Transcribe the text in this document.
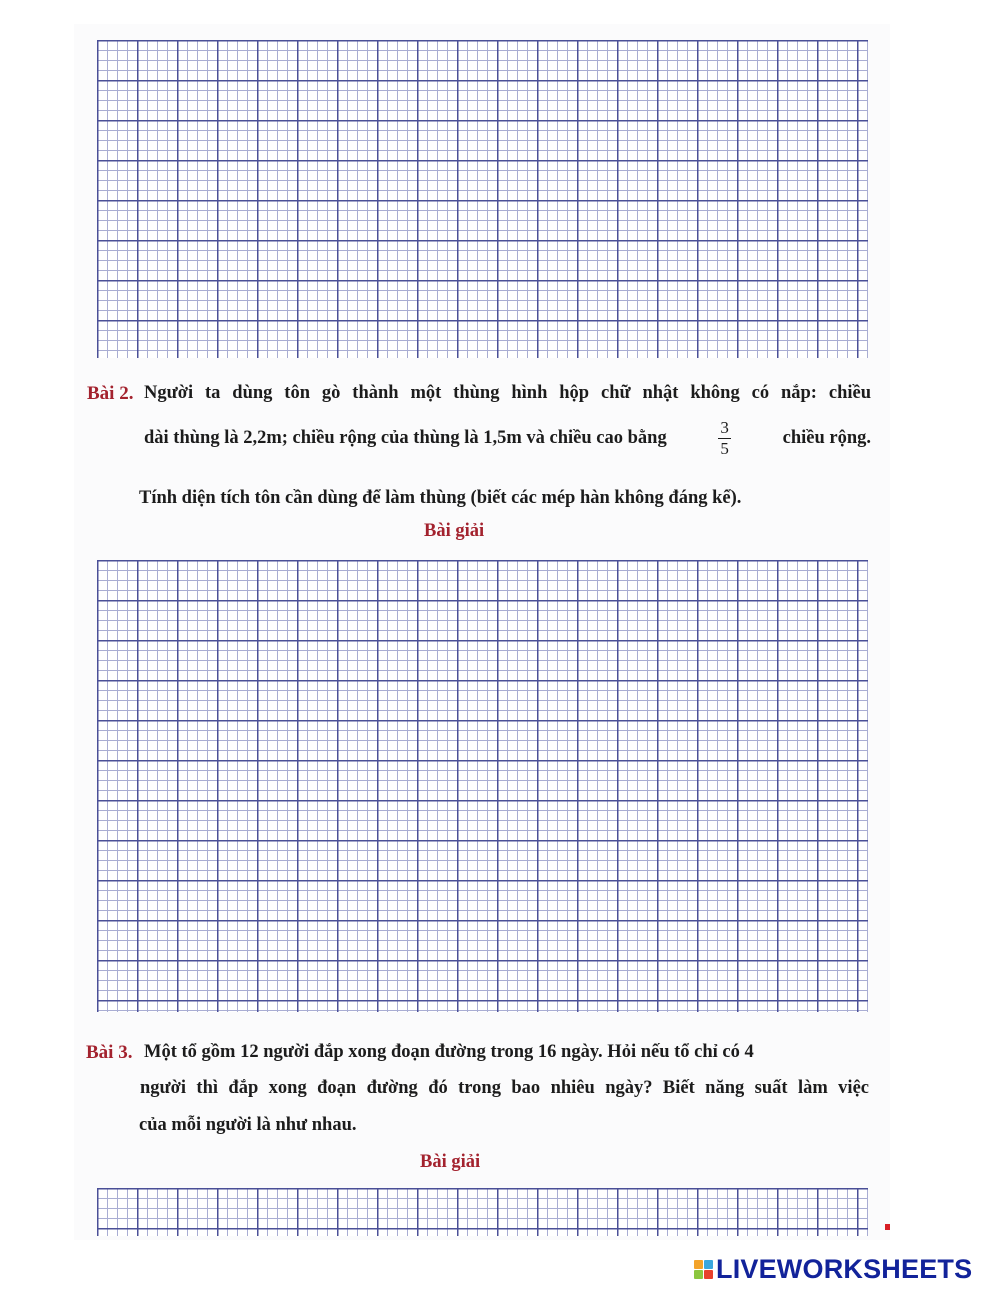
Bài 2. Người ta dùng tôn gò thành một thùng hình hộp chữ nhật không có nắp: chiều
dài thùng là 2,2m; chiều rộng của thùng là 1,5m và chiều cao bằng	$\frac{3}{5}$	chiều rộng.
Tính diện tích tôn cần dùng để làm thùng (biết các mép hàn không đáng kể).
Bài giải
Bài 3. Một tổ gồm 12 người đắp xong đoạn đường trong 16 ngày. Hỏi nếu tổ chỉ có 4
người thì đắp xong đoạn đường đó trong bao nhiêu ngày? Biết năng suất làm việc
của mỗi người là như nhau.
Bài giải
LIVEWORKSHEETS
